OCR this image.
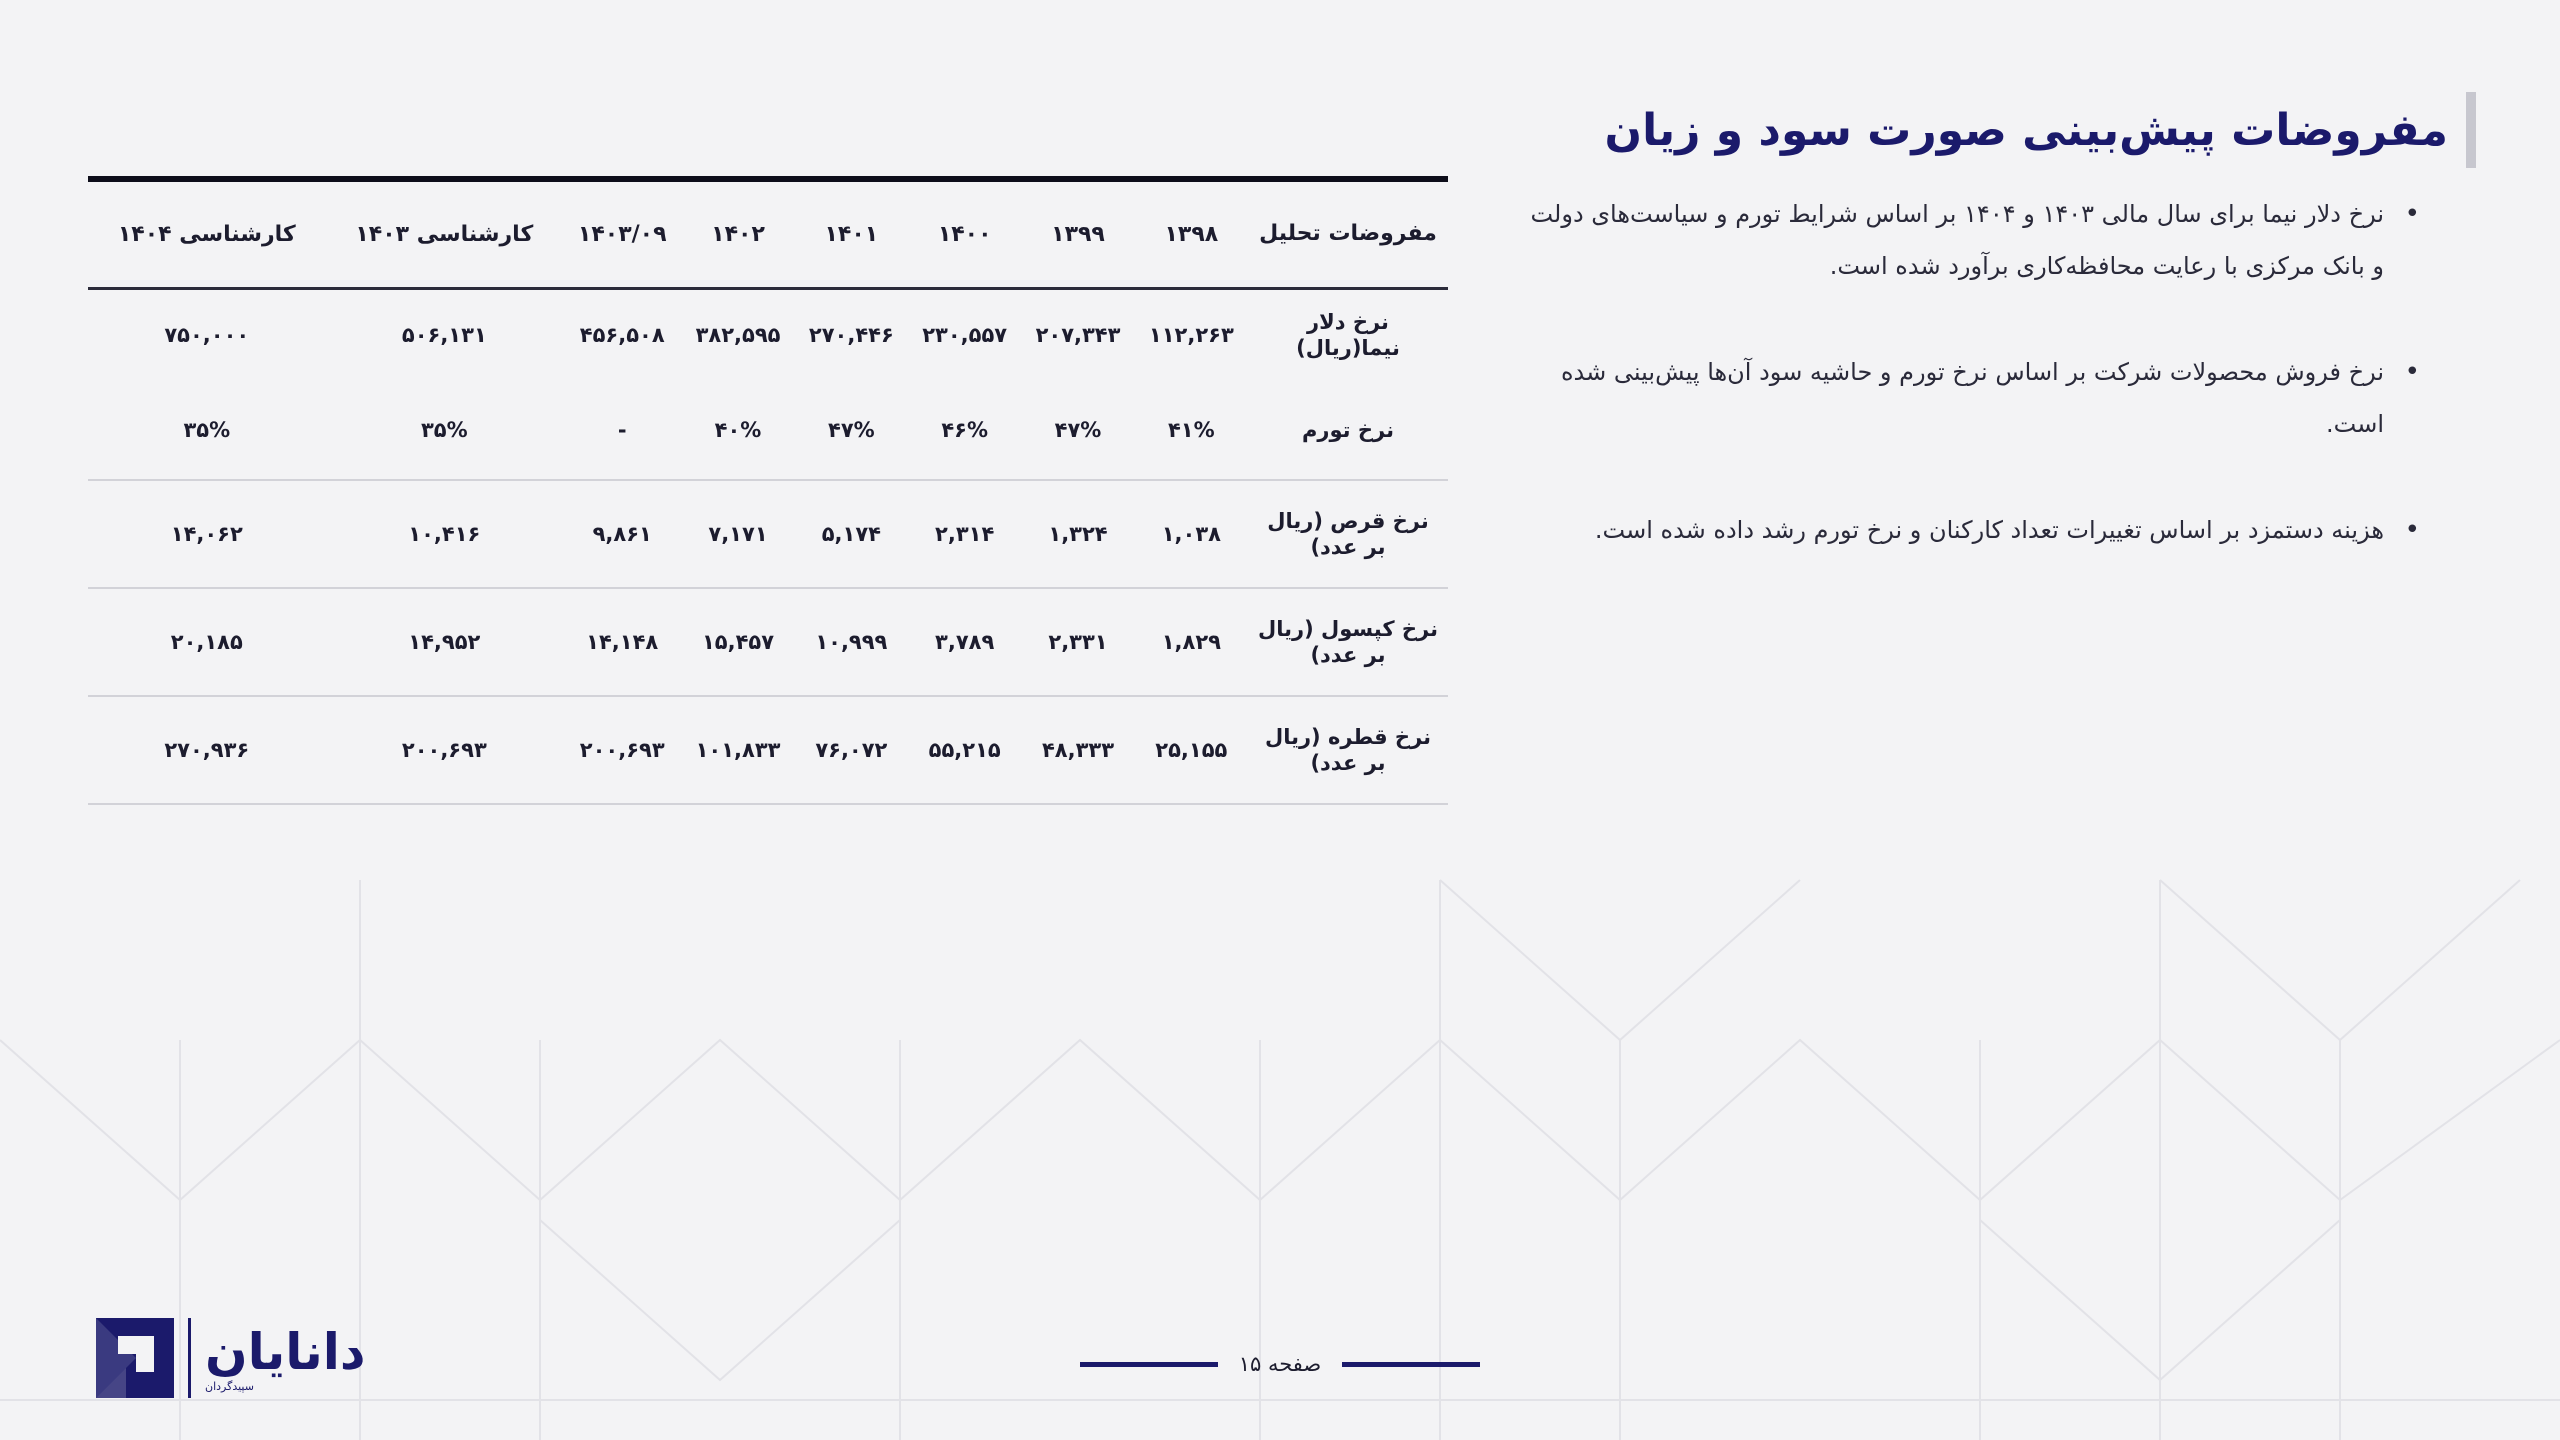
مفروضات پیش‌بینی صورت سود و زیان
• نرخ دلار نیما برای سال مالی ۱۴۰۳ و ۱۴۰۴ بر اساس شرایط تورم و سیاست‌های دولت و بانک مرکزی با رعایت محافظه‌کاری برآورد شده است.
• نرخ فروش محصولات شرکت بر اساس نرخ تورم و حاشیه سود آن‌ها پیش‌بینی شده است.
• هزینه دستمزد بر اساس تغییرات تعداد کارکنان و نرخ تورم رشد داده شده است.
مفروضات تحلیل	۱۳۹۸	۱۳۹۹	۱۴۰۰	۱۴۰۱	۱۴۰۲	۱۴۰۳/۰۹	کارشناسی ۱۴۰۳	کارشناسی ۱۴۰۴
نرخ دلار نیما(ریال)	۱۱۲,۲۶۳	۲۰۷,۳۴۳	۲۳۰,۵۵۷	۲۷۰,۴۴۶	۳۸۲,۵۹۵	۴۵۶,۵۰۸	۵۰۶,۱۳۱	۷۵۰,۰۰۰
نرخ تورم	۴۱%	۴۷%	۴۶%	۴۷%	۴۰%	-	۳۵%	۳۵%
نرخ قرص (ریال بر عدد)	۱,۰۳۸	۱,۳۲۴	۲,۳۱۴	۵,۱۷۴	۷,۱۷۱	۹,۸۶۱	۱۰,۴۱۶	۱۴,۰۶۲
نرخ کپسول (ریال بر عدد)	۱,۸۲۹	۲,۳۳۱	۳,۷۸۹	۱۰,۹۹۹	۱۵,۴۵۷	۱۴,۱۴۸	۱۴,۹۵۲	۲۰,۱۸۵
نرخ قطره (ریال بر عدد)	۲۵,۱۵۵	۴۸,۳۳۳	۵۵,۲۱۵	۷۶,۰۷۲	۱۰۱,۸۳۳	۲۰۰,۶۹۳	۲۰۰,۶۹۳	۲۷۰,۹۳۶
صفحه ۱۵
دانایان
سپیدگردان
